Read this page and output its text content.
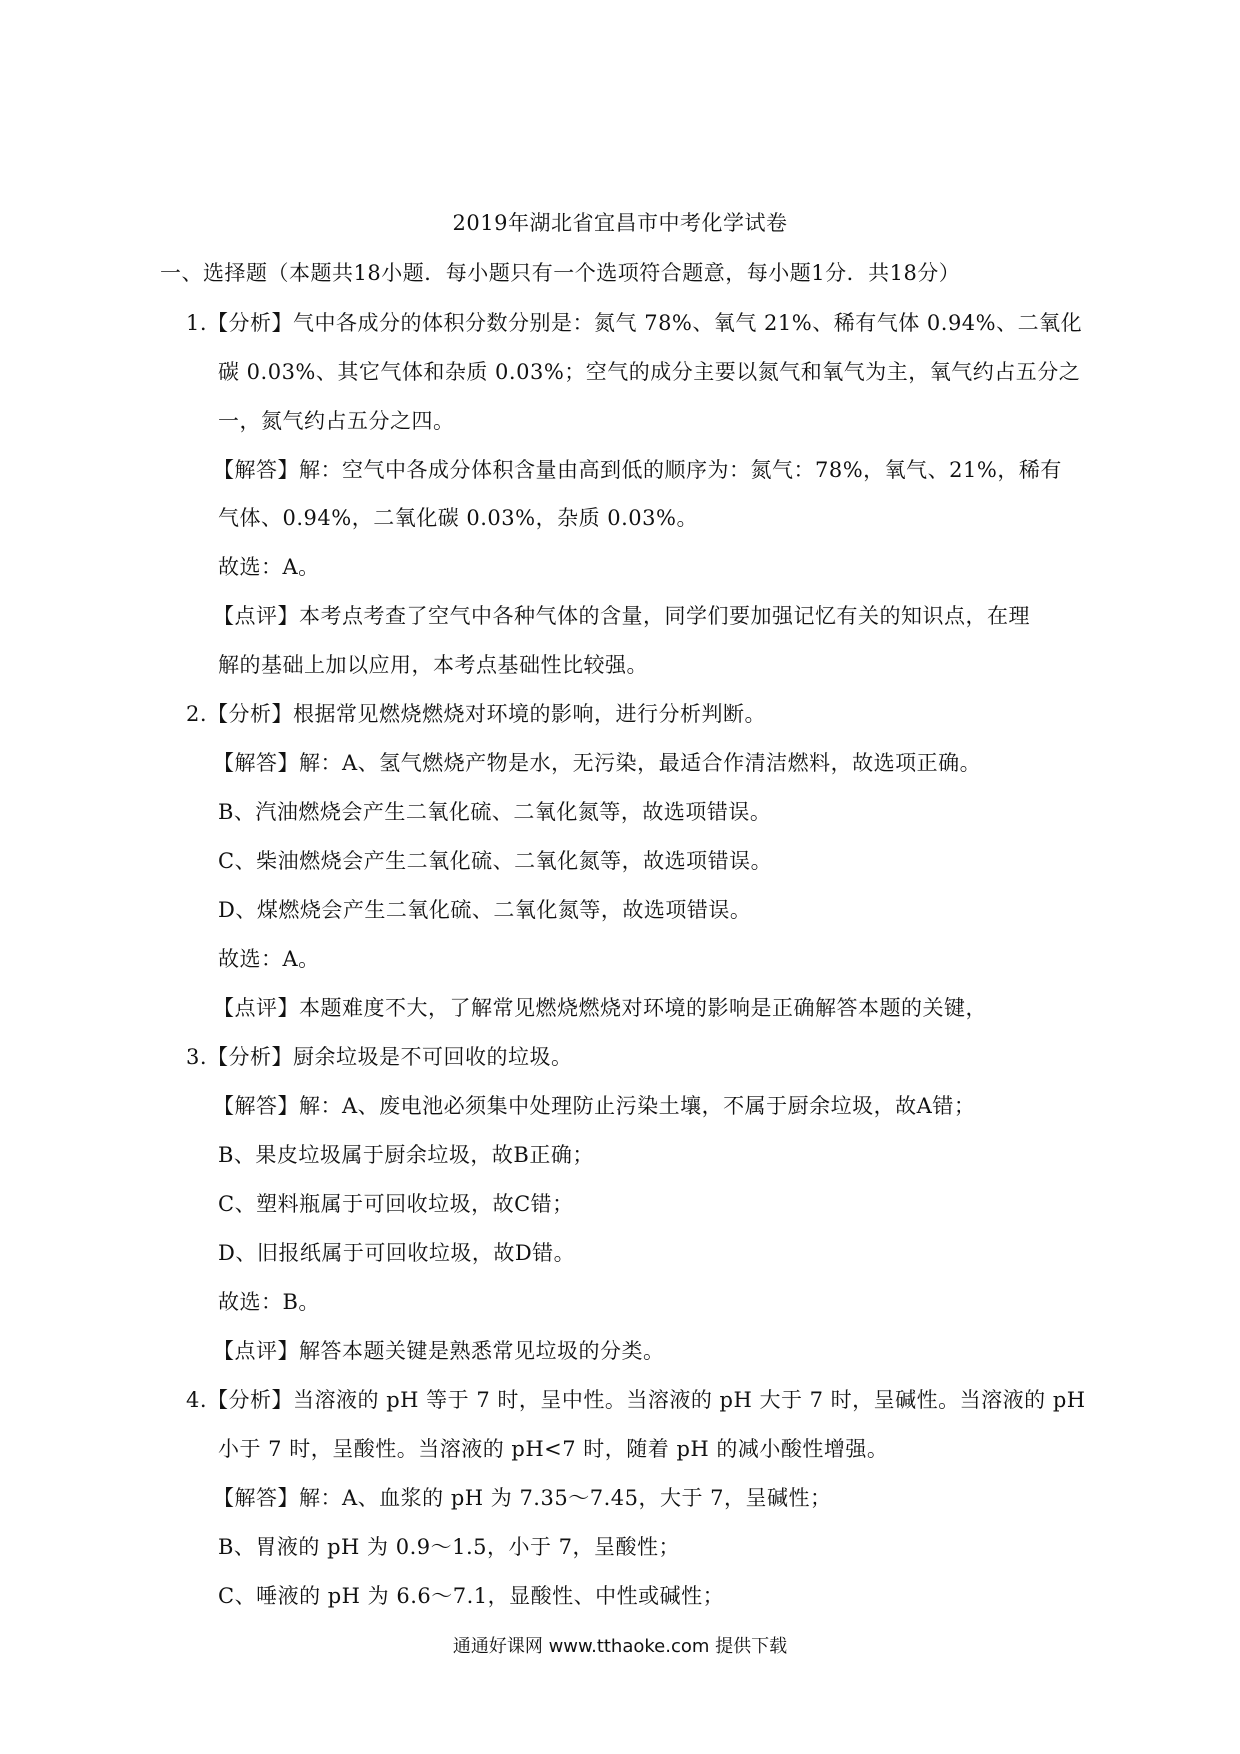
2019年湖北省宜昌市中考化学试卷
一、选择题（本题共18小题．每小题只有一个选项符合题意，每小题1分．共18分）
1.【分析】气中各成分的体积分数分别是：氮气 78%、氧气 21%、稀有气体 0.94%、二氧化
碳 0.03%、其它气体和杂质 0.03%；空气的成分主要以氮气和氧气为主，氧气约占五分之
一，氮气约占五分之四。
【解答】解：空气中各成分体积含量由高到低的顺序为：氮气：78%，氧气、21%，稀有
气体、0.94%，二氧化碳 0.03%，杂质 0.03%。
故选：A。
【点评】本考点考查了空气中各种气体的含量，同学们要加强记忆有关的知识点，在理
解的基础上加以应用，本考点基础性比较强。
2.【分析】根据常见燃烧燃烧对环境的影响，进行分析判断。
【解答】解：A、氢气燃烧产物是水，无污染，最适合作清洁燃料，故选项正确。
B、汽油燃烧会产生二氧化硫、二氧化氮等，故选项错误。
C、柴油燃烧会产生二氧化硫、二氧化氮等，故选项错误。
D、煤燃烧会产生二氧化硫、二氧化氮等，故选项错误。
故选：A。
【点评】本题难度不大，了解常见燃烧燃烧对环境的影响是正确解答本题的关键，
3.【分析】厨余垃圾是不可回收的垃圾。
【解答】解：A、废电池必须集中处理防止污染土壤，不属于厨余垃圾，故A错；
B、果皮垃圾属于厨余垃圾，故B正确；
C、塑料瓶属于可回收垃圾，故C错；
D、旧报纸属于可回收垃圾，故D错。
故选：B。
【点评】解答本题关键是熟悉常见垃圾的分类。
4.【分析】当溶液的 pH 等于 7 时，呈中性。当溶液的 pH 大于 7 时，呈碱性。当溶液的 pH
小于 7 时，呈酸性。当溶液的 pH<7 时，随着 pH 的减小酸性增强。
【解答】解：A、血浆的 pH 为 7.35～7.45，大于 7，呈碱性；
B、胃液的 pH 为 0.9～1.5，小于 7，呈酸性；
C、唾液的 pH 为 6.6～7.1，显酸性、中性或碱性；
通通好课网 www.tthaoke.com 提供下载
